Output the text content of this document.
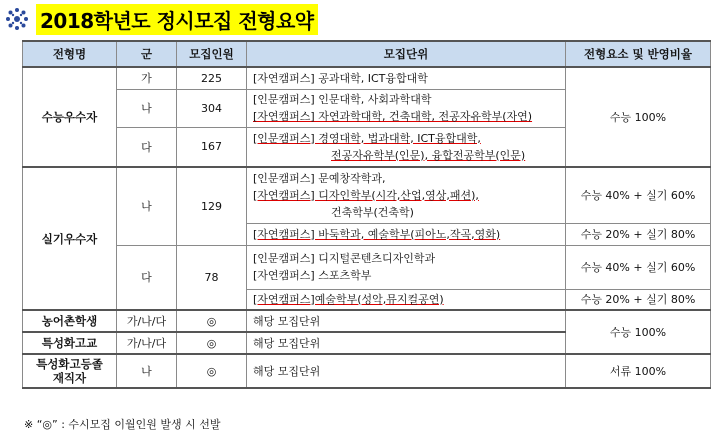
2018학년도 정시모집 전형요약
전형명	군	모집인원	모집단위	전형요소 및 반영비율
수능우수자	가	225	[자연캠퍼스] 공과대학, ICT융합대학	수능 100%
	나	304	[인문캠퍼스] 인문대학, 사회과학대학
[자연캠퍼스] 자연과학대학, 건축대학, 전공자유학부(자연)	

	다	167	[인문캠퍼스] 경영대학, 법과대학, ICT융합대학,
전공자유학부(인문), 융합전공학부(인문)	

실기우수자	나	129	[인문캠퍼스] 문예창작학과,
[자연캠퍼스] 디자인학부(시각,산업,영상,패션),
건축학부(건축학)	수능 40% + 실기 60%

			[자연캠퍼스] 바둑학과, 예술학부(피아노,작곡,영화)	수능 20% + 실기 80%
	다	78	[인문캠퍼스] 디지털콘텐츠디자인학과
[자연캠퍼스] 스포츠학부	수능 40% + 실기 60%

			[자연캠퍼스]예술학부(성악,뮤지컬공연)	수능 20% + 실기 80%
농어촌학생	가/나/다	◎	해당 모집단위	수능 100%
특성화고교	가/나/다	◎	해당 모집단위	

특성화고등졸
재직자	나	◎	해당 모집단위	서류 100%
※ “◎” : 수시모집 이월인원 발생 시 선발
